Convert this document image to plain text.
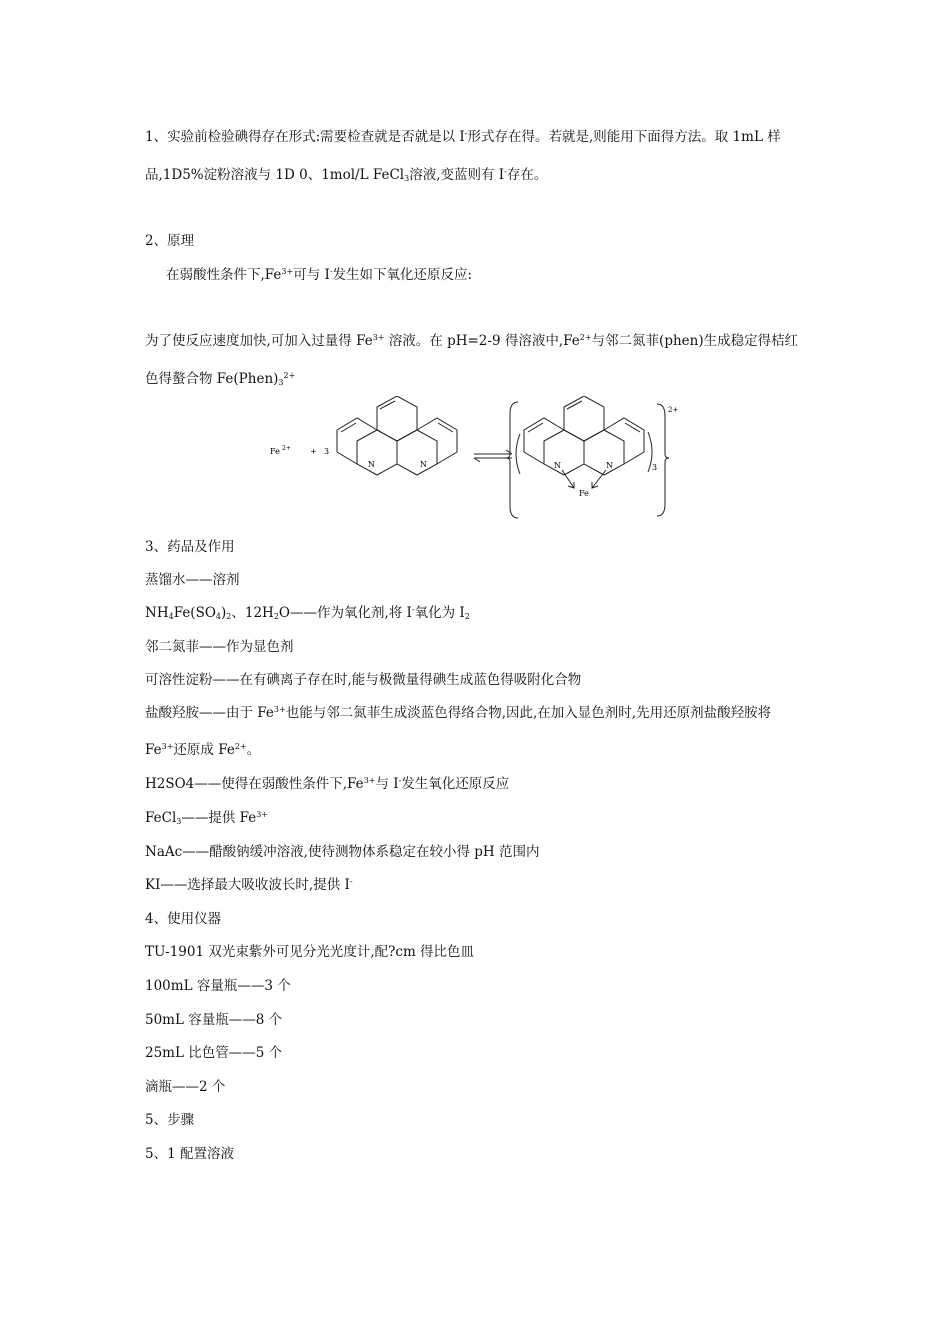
1、实验前检验碘得存在形式:需要检查就是否就是以 I-形式存在得。若就是,则能用下面得方法。取 1mL 样
品,1D5%淀粉溶液与 1D 0、1mol/L FeCl$_3$溶液,变蓝则有 I-存在。
2、原理
在弱酸性条件下$,Fe^{3+}$可与 I-发生如下氧化还原反应:
为了使反应速度加快,可加入过量得 $Fe^{3+}$ 溶液。在 pH=2-9 得溶液中$,Fe^{2+}$与邻二氮菲(phen)生成稳定得桔红
色得螯合物 $Fe(Phen)_3^{2+}$
Fe 2+ + 3
N	N	N	N
Fe
3
2+
3、药品及作用
蒸馏水——溶剂
$NH_4Fe(SO_4)_2$、$12H_2O——$作为氧化剂,将 I-氧化为 $I_2$
邻二氮菲——作为显色剂
可溶性淀粉——在有碘离子存在时,能与极微量得碘生成蓝色得吸附化合物
盐酸羟胺——由于 $Fe^{3+}$也能与邻二氮菲生成淡蓝色得络合物,因此,在加入显色剂时,先用还原剂盐酸羟胺将
$Fe^{3+}$还原成 $Fe^{2+}$。
H2SO4——使得在弱酸性条件下$,Fe^{3+}$与 I-发生氧化还原反应
FeCl$_3$——提供 $Fe^{3+}$
NaAc——醋酸钠缓冲溶液,使待测物体系稳定在较小得 pH 范围内
KI——选择最大吸收波长时,提供 I-
4、使用仪器
TU-1901 双光束紫外可见分光光度计,配?cm 得比色皿
100mL 容量瓶——3 个
50mL 容量瓶——8 个
25mL 比色管——5 个
滴瓶——2 个
5、步骤
5、1 配置溶液
